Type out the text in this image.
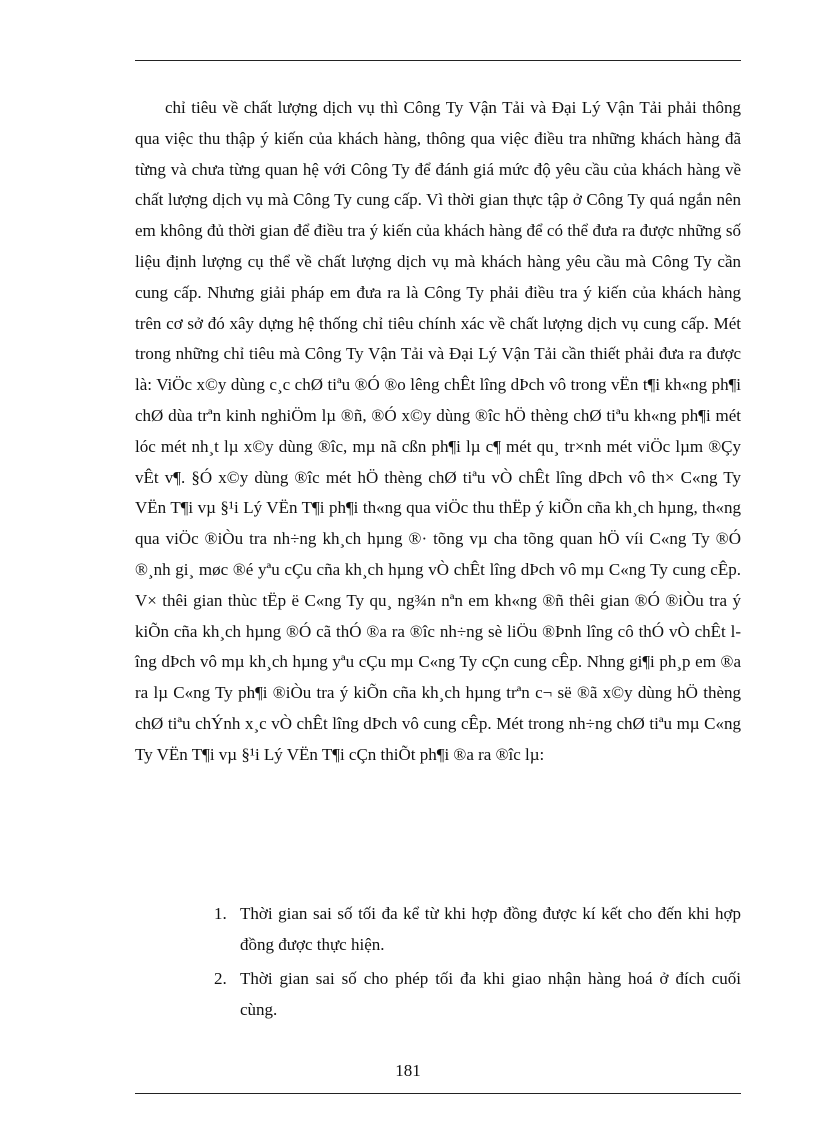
chỉ tiêu về chất lượng dịch vụ thì Công Ty Vận Tải và Đại Lý Vận Tải phải thông qua việc thu thập ý kiến của khách hàng, thông qua việc điều tra những khách hàng đã từng và chưa từng quan hệ với Công Ty để đánh giá mức độ yêu cầu của khách hàng về chất lượng dịch vụ mà Công Ty cung cấp. Vì thời gian thực tập ở Công Ty quá ngắn nên em không đủ thời gian để điều tra ý kiến của khách hàng để có thể đưa ra được những số liệu định lượng cụ thể về chất lượng dịch vụ mà khách hàng yêu cầu mà Công Ty cần cung cấp. Nhưng giải pháp em đưa ra là Công Ty phải điều tra ý kiến của khách hàng trên cơ sở đó xây dựng hệ thống chỉ tiêu chính xác về chất lượng dịch vụ cung cấp. Mét trong những chỉ tiêu mà Công Ty Vận Tải và Đại Lý Vận Tải cần thiết phải đưa ra được là: ViÖc x©y dùng c¸c chØ tiªu ®Ó ®o lêng chÊt lîng dÞch vô trong vËn t¶i kh«ng ph¶i chØ dùa trªn kinh nghiÖm lµ ®ñ, ®Ó x©y dùng ®îc hÖ thèng chØ tiªu kh«ng ph¶i mét lóc mét nh¸t lµ x©y dùng ®îc, mµ nã cßn ph¶i lµ c¶ mét qu¸ tr×nh mét viÖc lµm ®Çy vÊt v¶. §Ó x©y dùng ®îc mét hÖ thèng chØ tiªu vÒ chÊt lîng dÞch vô th× C«ng Ty VËn T¶i vµ §¹i Lý VËn T¶i ph¶i th«ng qua viÖc thu thËp ý kiÕn cña kh¸ch hµng, th«ng qua viÖc ®iÒu tra nh÷ng kh¸ch hµng ®· tõng vµ cha tõng quan hÖ víi C«ng Ty ®Ó ®¸nh gi¸ møc ®é yªu cÇu cña kh¸ch hµng vÒ chÊt lîng dÞch vô mµ C«ng Ty cung cÊp. V× thêi gian thùc tËp ë C«ng Ty qu¸ ng¾n nªn em kh«ng ®ñ thêi gian ®Ó ®iÒu tra ý kiÕn cña kh¸ch hµng ®Ó cã thÓ ®a ra ®îc nh÷ng sè liÖu ®Þnh lîng cô thÓ vÒ chÊt lîng dÞch vô mµ kh¸ch hµng yªu cÇu mµ C«ng Ty cÇn cung cÊp. Nhng gi¶i ph¸p em ®a ra lµ C«ng Ty ph¶i ®iÒu tra ý kiÕn cña kh¸ch hµng trªn c¬ së ®ã x©y dùng hÖ thèng chØ tiªu chÝnh x¸c vÒ chÊt lîng dÞch vô cung cÊp. Mét trong nh÷ng chØ tiªu mµ C«ng Ty VËn T¶i vµ §¹i Lý VËn T¶i cÇn thiÕt ph¶i ®a ra ®îc lµ:

1. Thời gian sai số tối đa kể từ khi hợp đồng được kí kết cho đến khi hợp đồng được thực hiện.
2. Thời gian sai số cho phép tối đa khi giao nhận hàng hoá ở đích cuối cùng.
181
